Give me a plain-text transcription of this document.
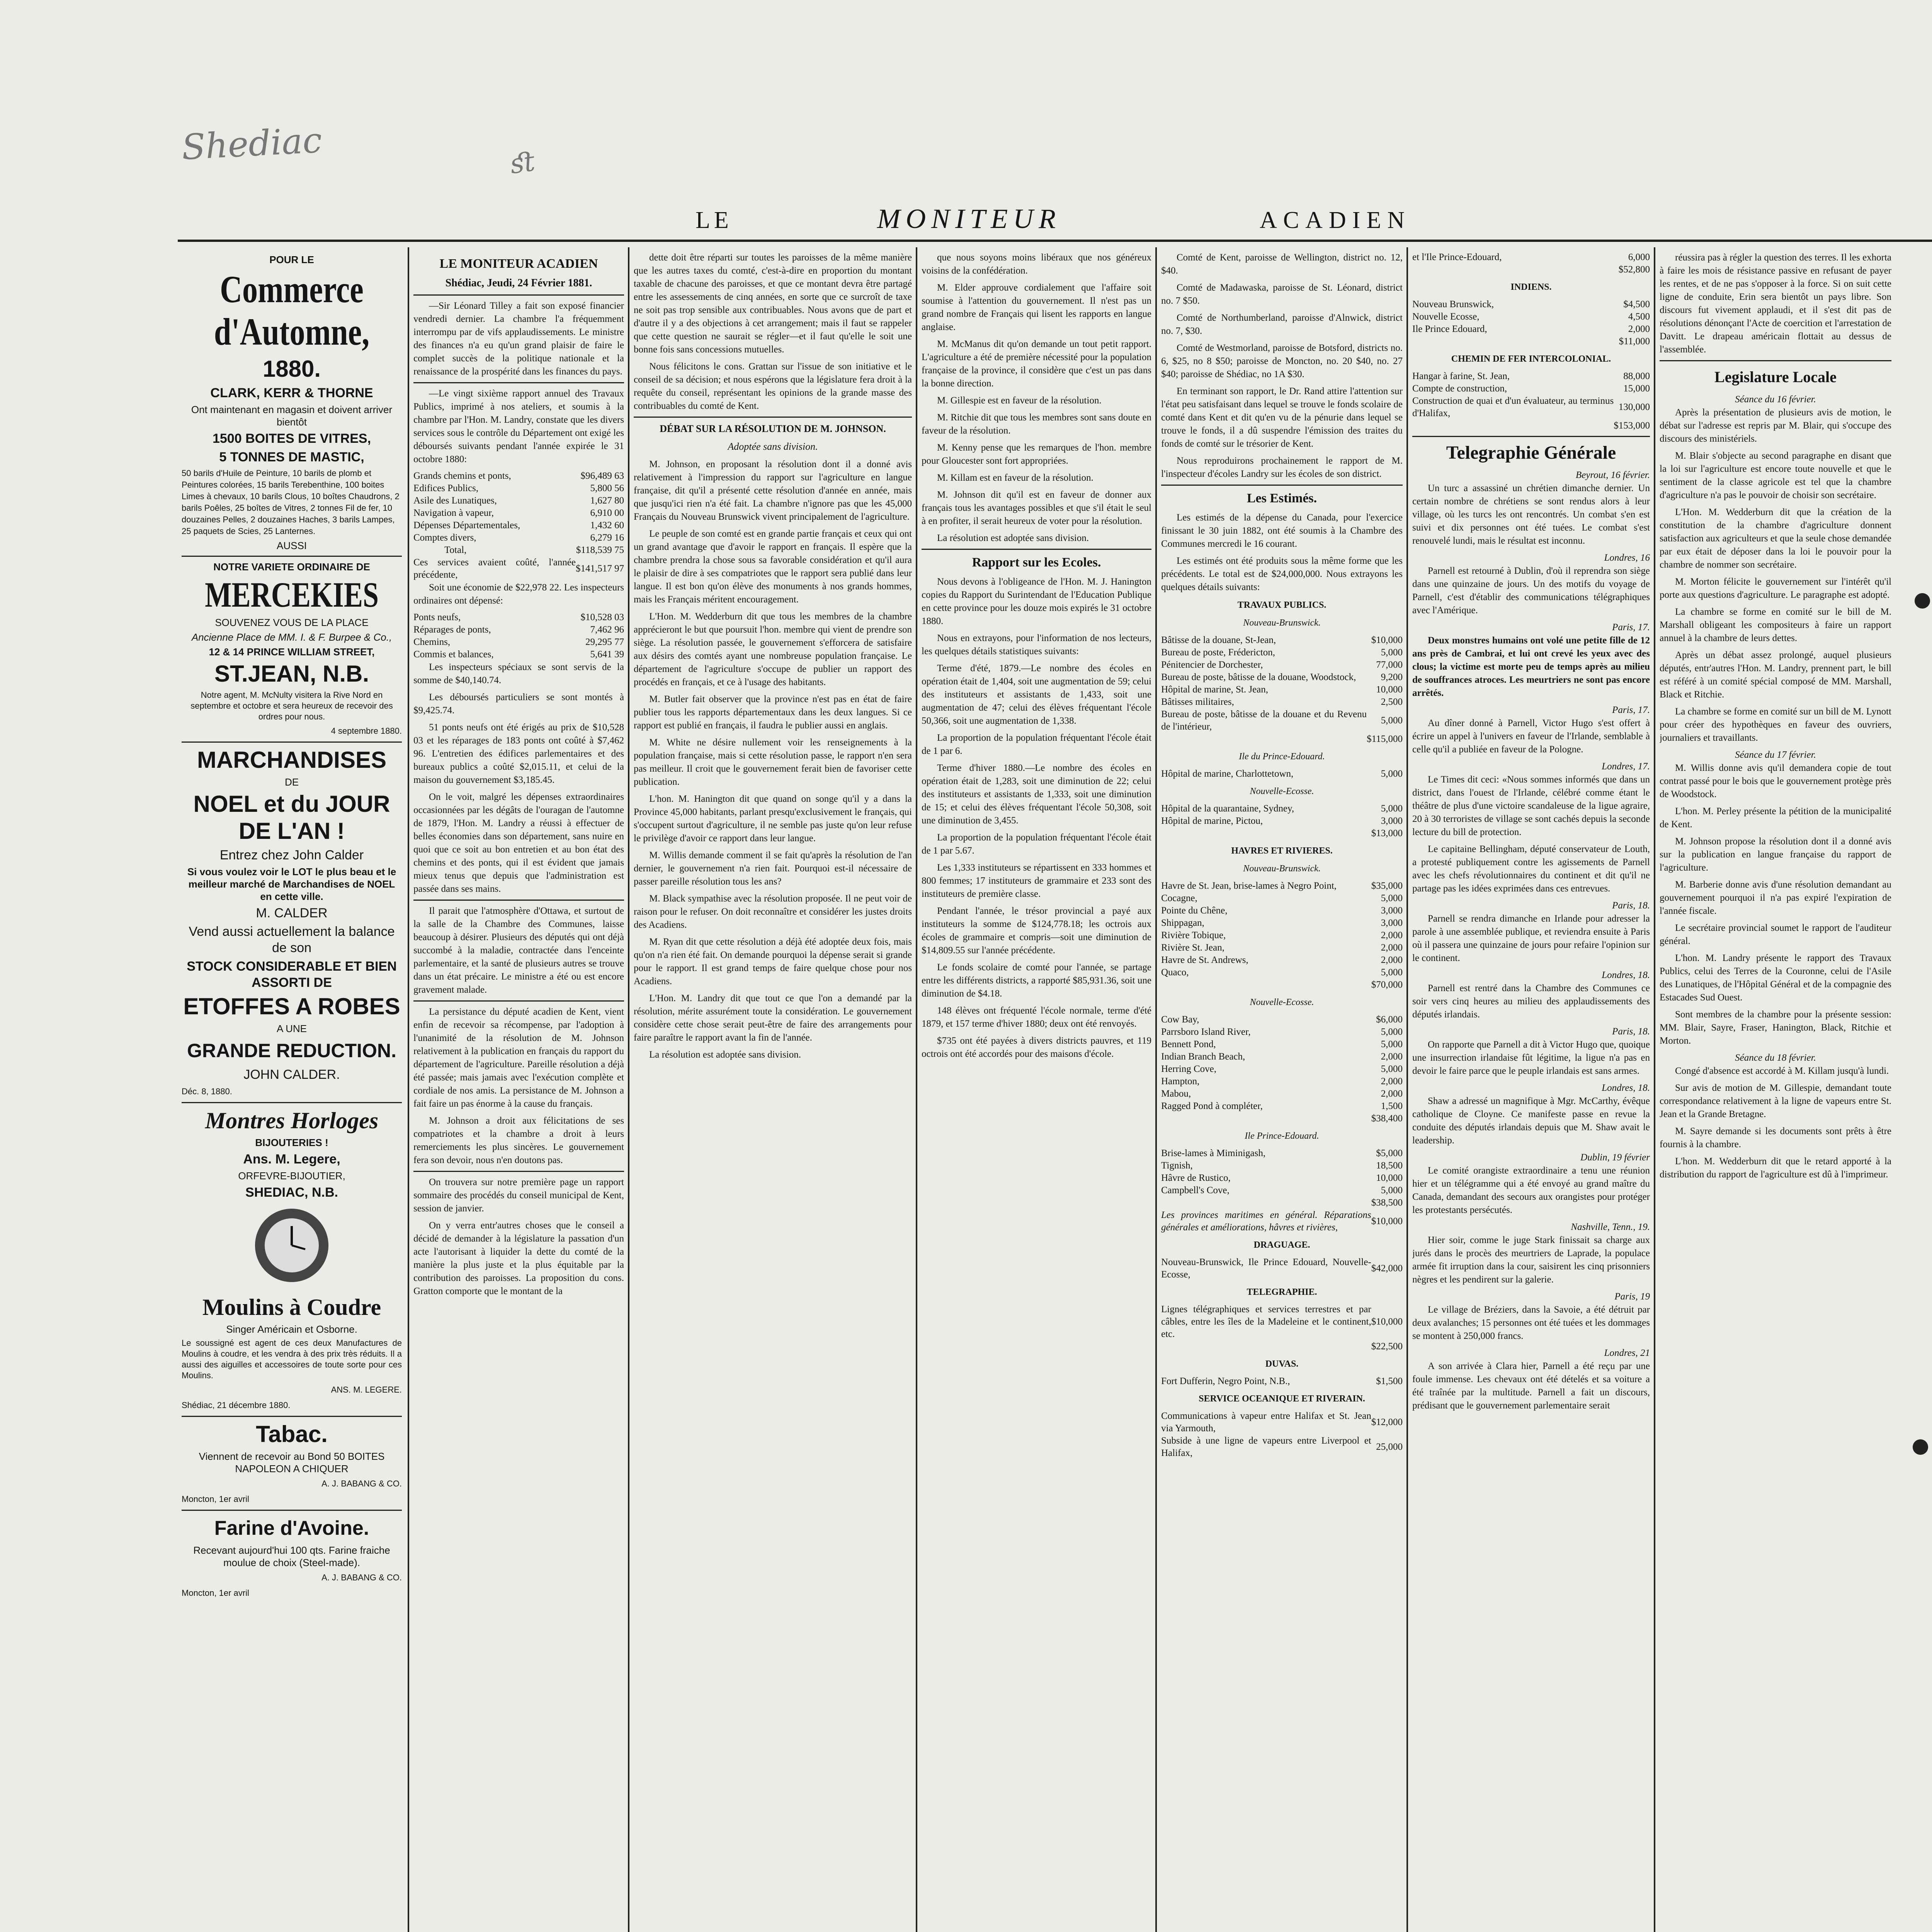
Shediac	ﬆ
LE	MONITEUR	ACADIEN
POUR LE
Commerce d'Automne,
1880.
CLARK, KERR & THORNE
Ont maintenant en magasin et doivent arriver bientôt
1500 BOITES DE VITRES,
5 TONNES DE MASTIC,
50 barils d'Huile de Peinture, 10 barils de plomb et Peintures colorées, 15 barils Terebenthine, 100 boites Limes à chevaux, 10 barils Clous, 10 boîtes Chaudrons, 2 barils Poêles, 25 boîtes de Vitres, 2 tonnes Fil de fer, 10 douzaines Pelles, 2 douzaines Haches, 3 barils Lampes, 25 paquets de Scies, 25 Lanternes.
AUSSI
NOTRE VARIETE ORDINAIRE DE
MERCEKIES
SOUVENEZ VOUS DE LA PLACE
Ancienne Place de MM. I. & F. Burpee & Co.,
12 & 14 PRINCE WILLIAM STREET,
ST.JEAN, N.B.
Notre agent, M. McNulty visitera la Rive Nord en septembre et octobre et sera heureux de recevoir des ordres pour nous.
4 septembre 1880.
MARCHANDISES
DE
NOEL et du JOUR DE L'AN !
Entrez chez John Calder
Si vous voulez voir le LOT le plus beau et le meilleur marché de Marchandises de NOEL en cette ville.
M. CALDER
Vend aussi actuellement la balance de son
STOCK CONSIDERABLE ET BIEN ASSORTI DE
ETOFFES A ROBES
A UNE
GRANDE REDUCTION.
JOHN CALDER.
Déc. 8, 1880.
Montres Horloges
BIJOUTERIES !
Ans. M. Legere,
ORFEVRE-BIJOUTIER,
SHEDIAC, N.B.
Moulins à Coudre
Singer Américain et Osborne.
Le soussigné est agent de ces deux Manufactures de Moulins à coudre, et les vendra à des prix très réduits. Il a aussi des aiguilles et accessoires de toute sorte pour ces Moulins.
ANS. M. LEGERE.
Shédiac, 21 décembre 1880.
Tabac.
Viennent de recevoir au Bond 50 BOITES NAPOLEON A CHIQUER
A. J. BABANG & CO.
Moncton, 1er avril
Farine d'Avoine.
Recevant aujourd'hui 100 qts. Farine fraiche moulue de choix (Steel-made).
A. J. BABANG & CO.
Moncton, 1er avril
LE MONITEUR ACADIEN
Shédiac, Jeudi, 24 Février 1881.

—Sir Léonard Tilley a fait son exposé financier vendredi dernier. La chambre l'a fréquemment interrompu par de vifs applaudissements. Le ministre des finances n'a eu qu'un grand plaisir de faire le complet succès de la politique nationale et la renaissance de la prospérité dans les finances du pays.

—Le vingt sixième rapport annuel des Travaux Publics, imprimé à nos ateliers, et soumis à la chambre par l'Hon. M. Landry, constate que les divers services sous le contrôle du Département ont exigé les déboursés suivants pendant l'année expirée le 31 octobre 1880:

Grands chemins et ponts,	$96,489 63
Edifices Publics,	5,800 56
Asile des Lunatiques,	1,627 80
Navigation à vapeur,	6,910 00
Dépenses Départementales,	1,432 60
Comptes divers,	6,279 16
Total,	$118,539 75
Ces services avaient coûté, l'année précédente,	$141,517 97

Soit une économie de $22,978 22. Les inspecteurs ordinaires ont dépensé:

Ponts neufs,	$10,528 03
Réparages de ponts,	7,462 96
Chemins,	29,295 77
Commis et balances,	5,641 39

Les inspecteurs spéciaux se sont servis de la somme de $40,140.74.

Les déboursés particuliers se sont montés à $9,425.74.

51 ponts neufs ont été érigés au prix de $10,528 03 et les réparages de 183 ponts ont coûté à $7,462 96. L'entretien des édifices parlementaires et des bureaux publics a coûté $2,015.11, et celui de la maison du gouvernement $3,185.45.

On le voit, malgré les dépenses extraordinaires occasionnées par les dégâts de l'ouragan de l'automne de 1879, l'Hon. M. Landry a réussi à effectuer de belles économies dans son département, sans nuire en quoi que ce soit au bon entretien et au bon état des chemins et des ponts, qui il est évident que jamais mieux tenus que depuis que l'administration est passée dans ses mains.

Il parait que l'atmosphère d'Ottawa, et surtout de la salle de la Chambre des Communes, laisse beaucoup à désirer. Plusieurs des députés qui ont déjà succombé à la maladie, contractée dans l'enceinte parlementaire, et la santé de plusieurs autres se trouve dans un état précaire. Le ministre a été ou est encore gravement malade.

La persistance du député acadien de Kent, vient enfin de recevoir sa récompense, par l'adoption à l'unanimité de la résolution de M. Johnson relativement à la publication en français du rapport du département de l'agriculture. Pareille résolution a déjà été passée; mais jamais avec l'exécution complète et cordiale de nos amis. La persistance de M. Johnson a fait faire un pas énorme à la cause du français.

M. Johnson a droit aux félicitations de ses compatriotes et la chambre a droit à leurs remerciements les plus sincères. Le gouvernement fera son devoir, nous n'en doutons pas.

On trouvera sur notre première page un rapport sommaire des procédés du conseil municipal de Kent, session de janvier.

On y verra entr'autres choses que le conseil a décidé de demander à la législature la passation d'un acte l'autorisant à liquider la dette du comté de la manière la plus juste et la plus équitable par la contribution des paroisses. La proposition du cons. Gratton comporte que le montant de la

dette doit être réparti sur toutes les paroisses de la même manière que les autres taxes du comté, c'est-à-dire en proportion du montant taxable de chacune des paroisses, et que ce montant devra être partagé entre les assessements de cinq années, en sorte que ce surcroît de taxe ne soit pas trop sensible aux contribuables. Nous avons que de part et d'autre il y a des objections à cet arrangement; mais il faut se rappeler que cette question ne saurait se régler—et il faut qu'elle le soit une bonne fois sans concessions mutuelles.

Nous félicitons le cons. Grattan sur l'issue de son initiative et le conseil de sa décision; et nous espérons que la législature fera droit à la requête du conseil, représentant les opinions de la grande masse des contribuables du comté de Kent.

DÉBAT SUR LA RÉSOLUTION DE M. JOHNSON.
Adoptée sans division.

M. Johnson, en proposant la résolution dont il a donné avis relativement à l'impression du rapport sur l'agriculture en langue française, dit qu'il a présenté cette résolution d'année en année, mais que jusqu'ici rien n'a été fait. La chambre n'ignore pas que les 45,000 Français du Nouveau Brunswick vivent principalement de l'agriculture.

Le peuple de son comté est en grande partie français et ceux qui ont un grand avantage que d'avoir le rapport en français. Il espère que la chambre prendra la chose sous sa favorable considération et qu'il aura le plaisir de dire à ses compatriotes que le rapport sera publié dans leur langue. Il est bon qu'on élève des monuments à nos grands hommes, mais les Français méritent encouragement.

L'Hon. M. Wedderburn dit que tous les membres de la chambre apprécieront le but que poursuit l'hon. membre qui vient de prendre son siège. La résolution passée, le gouvernement s'efforcera de satisfaire aux désirs des comtés ayant une nombreuse population française. Le département de l'agriculture s'occupe de publier un rapport des procédés en français, et ce à l'usage des habitants.

M. Butler fait observer que la province n'est pas en état de faire publier tous les rapports départementaux dans les deux langues. Si ce rapport est publié en français, il faudra le publier aussi en anglais.

M. White ne désire nullement voir les renseignements à la population française, mais si cette résolution passe, le rapport n'en sera pas meilleur. Il croit que le gouvernement ferait bien de favoriser cette publication.

L'hon. M. Hanington dit que quand on songe qu'il y a dans la Province 45,000 habitants, parlant presqu'exclusivement le français, qui s'occupent surtout d'agriculture, il ne semble pas juste qu'on leur refuse le privilège d'avoir ce rapport dans leur langue.

M. Willis demande comment il se fait qu'après la résolution de l'an dernier, le gouvernement n'a rien fait. Pourquoi est-il nécessaire de passer pareille résolution tous les ans?

M. Black sympathise avec la résolution proposée. Il ne peut voir de raison pour le refuser. On doit reconnaître et considérer les justes droits des Acadiens.

M. Ryan dit que cette résolution a déjà été adoptée deux fois, mais qu'on n'a rien été fait. On demande pourquoi la dépense serait si grande pour le rapport. Il est grand temps de faire quelque chose pour nos Acadiens.

L'Hon. M. Landry dit que tout ce que l'on a demandé par la résolution, mérite assurément toute la considération. Le gouvernement considère cette chose serait peut-être de faire des arrangements pour faire paraître le rapport avant la fin de l'année.

La résolution est adoptée sans division.

que nous soyons moins libéraux que nos généreux voisins de la confédération.

M. Elder approuve cordialement que l'affaire soit soumise à l'attention du gouvernement. Il n'est pas un grand nombre de Français qui lisent les rapports en langue anglaise.

M. McManus dit qu'on demande un tout petit rapport. L'agriculture a été de première nécessité pour la population française de la province, il considère que c'est un pas dans la bonne direction.

M. Gillespie est en faveur de la résolution.

M. Ritchie dit que tous les membres sont sans doute en faveur de la résolution.

M. Kenny pense que les remarques de l'hon. membre pour Gloucester sont fort appropriées.

M. Killam est en faveur de la résolution.

M. Johnson dit qu'il est en faveur de donner aux français tous les avantages possibles et que s'il était le seul à en profiter, il serait heureux de voter pour la résolution.

La résolution est adoptée sans division.

Rapport sur les Ecoles.

Nous devons à l'obligeance de l'Hon. M. J. Hanington copies du Rapport du Surintendant de l'Education Publique en cette province pour les douze mois expirés le 31 octobre 1880.

Nous en extrayons, pour l'information de nos lecteurs, les quelques détails statistiques suivants:

Terme d'été, 1879.—Le nombre des écoles en opération était de 1,404, soit une augmentation de 59; celui des instituteurs et assistants de 1,433, soit une augmentation de 47; celui des élèves fréquentant l'école 50,366, soit une augmentation de 1,338.

La proportion de la population fréquentant l'école était de 1 par 6.

Terme d'hiver 1880.—Le nombre des écoles en opération était de 1,283, soit une diminution de 22; celui des instituteurs et assistants de 1,333, soit une diminution de 15; et celui des élèves fréquentant l'école 50,308, soit une diminution de 3,455.

La proportion de la population fréquentant l'école était de 1 par 5.67.

Les 1,333 instituteurs se répartissent en 333 hommes et 800 femmes; 17 instituteurs de grammaire et 233 sont des instituteurs de première classe.

Pendant l'année, le trésor provincial a payé aux instituteurs la somme de $124,778.18; les octrois aux écoles de grammaire et compris—soit une diminution de $14,809.55 sur l'année précédente.

Le fonds scolaire de comté pour l'année, se partage entre les différents districts, a rapporté $85,931.36, soit une diminution de $4.18.

148 élèves ont fréquenté l'école normale, terme d'été 1879, et 157 terme d'hiver 1880; deux ont été renvoyés.

$735 ont été payées à divers districts pauvres, et 119 octrois ont été accordés pour des maisons d'école.

Comté de Kent, paroisse de Wellington, district no. 12, $40.

Comté de Madawaska, paroisse de St. Léonard, district no. 7 $50.

Comté de Northumberland, paroisse d'Alnwick, district no. 7, $30.

Comté de Westmorland, paroisse de Botsford, districts no. 6, $25, no 8 $50; paroisse de Moncton, no. 20 $40, no. 27 $40; paroisse de Shédiac, no 1A $30.

En terminant son rapport, le Dr. Rand attire l'attention sur l'état peu satisfaisant dans lequel se trouve le fonds scolaire de comté dans Kent et dit qu'en vu de la pénurie dans lequel se trouve le fonds, il a dû suspendre l'émission des traites du fonds de comté sur le trésorier de Kent.

Nous reproduirons prochainement le rapport de M. l'inspecteur d'écoles Landry sur les écoles de son district.

Les Estimés.

Les estimés de la dépense du Canada, pour l'exercice finissant le 30 juin 1882, ont été soumis à la Chambre des Communes mercredi le 16 courant.

Les estimés ont été produits sous la même forme que les précédents. Le total est de $24,000,000. Nous extrayons les quelques détails suivants:

TRAVAUX PUBLICS.
Nouveau-Brunswick.
Bâtisse de la douane, St-Jean,	$10,000
Bureau de poste, Frédericton,	5,000
Pénitencier de Dorchester,	77,000
Bureau de poste, bâtisse de la douane, Woodstock,	9,200
Hôpital de marine, St. Jean,	10,000
Bâtisses militaires,	2,500
Bureau de poste, bâtisse de la douane et du Revenu de l'intérieur,	5,000
	$115,000
Ile du Prince-Edouard.
Hôpital de marine, Charlottetown,	5,000
Nouvelle-Ecosse.
Hôpital de la quarantaine, Sydney,	5,000
Hôpital de marine, Pictou,	3,000
	$13,000
HAVRES ET RIVIERES.
Nouveau-Brunswick.
Havre de St. Jean, brise-lames à Negro Point,	$35,000
Cocagne,	5,000
Pointe du Chêne,	3,000
Shippagan,	3,000
Rivière Tobique,	2,000
Rivière St. Jean,	2,000
Havre de St. Andrews,	2,000
Quaco,	5,000
	$70,000
Nouvelle-Ecosse.
Cow Bay,	$6,000
Parrsboro Island River,	5,000
Bennett Pond,	5,000
Indian Branch Beach,	2,000
Herring Cove,	5,000
Hampton,	2,000
Mabou,	2,000
Ragged Pond à compléter,	1,500
	$38,400
Ile Prince-Edouard.
Brise-lames à Miminigash,	$5,000
Tignish,	18,500
Hâvre de Rustico,	10,000
Campbell's Cove,	5,000
	$38,500
Les provinces maritimes en général. Réparations générales et améliorations, hâvres et rivières,	$10,000
DRAGUAGE.
Nouveau-Brunswick, Ile Prince Edouard, Nouvelle-Ecosse,	$42,000
TELEGRAPHIE.
Lignes télégraphiques et services terrestres et par câbles, entre les îles de la Madeleine et le continent, etc.	$10,000
	$22,500
DUVAS.
Fort Dufferin, Negro Point, N.B.,	$1,500
SERVICE OCEANIQUE ET RIVERAIN.
Communications à vapeur entre Halifax et St. Jean via Yarmouth,	$12,000
Subside à une ligne de vapeurs entre Liverpool et Halifax,	25,000
et l'Ile Prince-Edouard,	6,000
	$52,800
INDIENS.
Nouveau Brunswick,	$4,500
Nouvelle Ecosse,	4,500
Ile Prince Edouard,	2,000
	$11,000
CHEMIN DE FER INTERCOLONIAL.
Hangar à farine, St. Jean,	88,000
Compte de construction,	15,000
Construction de quai et d'un évaluateur, au terminus d'Halifax,	130,000
	$153,000
Telegraphie Générale
Beyrout, 16 février.

Un turc a assassiné un chrétien dimanche dernier. Un certain nombre de chrétiens se sont rendus alors à leur village, où les turcs les ont rencontrés. Un combat s'en est suivi et dix personnes ont été tuées. Le combat s'est renouvelé lundi, mais le résultat est inconnu.

Londres, 16

Parnell est retourné à Dublin, d'où il reprendra son siège dans une quinzaine de jours. Un des motifs du voyage de Parnell, c'est d'établir des communications télégraphiques avec l'Amérique.

Paris, 17.

Deux monstres humains ont volé une petite fille de 12 ans près de Cambrai, et lui ont crevé les yeux avec des clous; la victime est morte peu de temps après au milieu de souffrances atroces. Les meurtriers ne sont pas encore arrêtés.

Paris, 17.

Au dîner donné à Parnell, Victor Hugo s'est offert à écrire un appel à l'univers en faveur de l'Irlande, semblable à celle qu'il a publiée en faveur de la Pologne.

Londres, 17.

Le Times dit ceci: «Nous sommes informés que dans un district, dans l'ouest de l'Irlande, célébré comme étant le théâtre de plus d'une victoire scandaleuse de la ligue agraire, 20 à 30 terroristes de village se sont cachés depuis la seconde lecture du bill de protection.

Le capitaine Bellingham, député conservateur de Louth, a protesté publiquement contre les agissements de Parnell avec les chefs révolutionnaires du continent et dit qu'il ne partage pas les idées exprimées dans ces entrevues.

Paris, 18.

Parnell se rendra dimanche en Irlande pour adresser la parole à une assemblée publique, et reviendra ensuite à Paris où il passera une quinzaine de jours pour refaire l'opinion sur le continent.

Londres, 18.

Parnell est rentré dans la Chambre des Communes ce soir vers cinq heures au milieu des applaudissements des députés irlandais.

Paris, 18.

On rapporte que Parnell a dit à Victor Hugo que, quoique une insurrection irlandaise fût légitime, la ligue n'a pas en devoir le faire parce que le peuple irlandais est sans armes.

Londres, 18.

Shaw a adressé un magnifique à Mgr. McCarthy, évêque catholique de Cloyne. Ce manifeste passe en revue la conduite des députés irlandais depuis que M. Shaw avait le leadership.

Dublin, 19 février

Le comité orangiste extraordinaire a tenu une réunion hier et un télégramme qui a été envoyé au grand maître du Canada, demandant des secours aux orangistes pour protéger les protestants persécutés.

Nashville, Tenn., 19.

Hier soir, comme le juge Stark finissait sa charge aux jurés dans le procès des meurtriers de Laprade, la populace armée fit irruption dans la cour, saisirent les cinq prisonniers nègres et les pendirent sur la galerie.

Paris, 19

Le village de Bréziers, dans la Savoie, a été détruit par deux avalanches; 15 personnes ont été tuées et les dommages se montent à 250,000 francs.

Londres, 21

A son arrivée à Clara hier, Parnell a été reçu par une foule immense. Les chevaux ont été dételés et sa voiture a été traînée par la multitude. Parnell a fait un discours, prédisant que le gouvernement parlementaire serait

réussira pas à régler la question des terres. Il les exhorta à faire les mois de résistance passive en refusant de payer les rentes, et de ne pas s'opposer à la force. Si on suit cette ligne de conduite, Erin sera bientôt un pays libre. Son discours fut vivement applaudi, et il s'est dit pas de résolutions dénonçant l'Acte de coercition et l'arrestation de Davitt. Le drapeau américain flottait au dessus de l'assemblée.

Legislature Locale
Séance du 16 février.

Après la présentation de plusieurs avis de motion, le débat sur l'adresse est repris par M. Blair, qui s'occupe des discours des ministériels.

M. Blair s'objecte au second paragraphe en disant que la loi sur l'agriculture est encore toute nouvelle et que le sentiment de la classe agricole est tel que la chambre d'agriculture n'a pas le pouvoir de choisir son secrétaire.

L'Hon. M. Wedderburn dit que la création de la constitution de la chambre d'agriculture donnent satisfaction aux agriculteurs et que la seule chose demandée par eux était de déposer dans la loi le pouvoir pour la chambre de nommer son secrétaire.

M. Morton félicite le gouvernement sur l'intérêt qu'il porte aux questions d'agriculture. Le paragraphe est adopté.

La chambre se forme en comité sur le bill de M. Marshall obligeant les compositeurs à faire un rapport annuel à la chambre de leurs dettes.

Après un débat assez prolongé, auquel plusieurs députés, entr'autres l'Hon. M. Landry, prennent part, le bill est référé à un comité spécial composé de MM. Marshall, Black et Ritchie.

La chambre se forme en comité sur un bill de M. Lynott pour créer des hypothèques en faveur des ouvriers, journaliers et travaillants.

Séance du 17 février.

M. Willis donne avis qu'il demandera copie de tout contrat passé pour le bois que le gouvernement protège près de Woodstock.

L'hon. M. Perley présente la pétition de la municipalité de Kent.

M. Johnson propose la résolution dont il a donné avis sur la publication en langue française du rapport de l'agriculture.

M. Barberie donne avis d'une résolution demandant au gouvernement pourquoi il n'a pas expiré l'expiration de l'année fiscale.

Le secrétaire provincial soumet le rapport de l'auditeur général.

L'hon. M. Landry présente le rapport des Travaux Publics, celui des Terres de la Couronne, celui de l'Asile des Lunatiques, de l'Hôpital Général et de la compagnie des Estacades Sud Ouest.

Sont membres de la chambre pour la présente session: MM. Blair, Sayre, Fraser, Hanington, Black, Ritchie et Morton.

Séance du 18 février.

Congé d'absence est accordé à M. Killam jusqu'à lundi.

Sur avis de motion de M. Gillespie, demandant toute correspondance relativement à la ligne de vapeurs entre St. Jean et la Grande Bretagne.

M. Sayre demande si les documents sont prêts à être fournis à la chambre.

L'hon. M. Wedderburn dit que le retard apporté à la distribution du rapport de l'agriculture est dû à l'imprimeur.
